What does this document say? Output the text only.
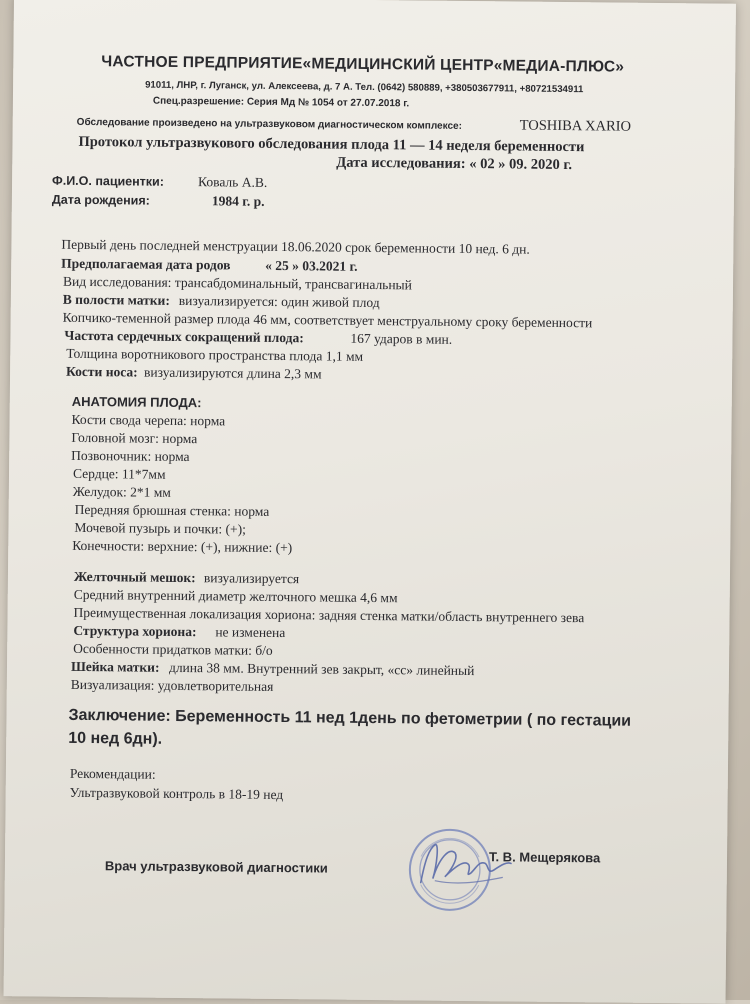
ЧАСТНОЕ ПРЕДПРИЯТИЕ«МЕДИЦИНСКИЙ ЦЕНТР«МЕДИА-ПЛЮС»
91011, ЛНР, г. Луганск, ул. Алексеева, д. 7 А. Тел. (0642) 580889, +380503677911, +80721534911
Спец.разрешение: Серия Мд № 1054 от 27.07.2018 г.
Обследование произведено на ультразвуковом диагностическом комплексе:	TOSHIBA XARIO
Протокол ультразвукового обследования плода 11 — 14 неделя беременности
Дата исследования: « 02 » 09. 2020 г.
Ф.И.О. пациентки:	Коваль А.В.
Дата рождения:	1984 г. р.
Первый день последней менструации 18.06.2020 срок беременности 10 нед. 6 дн.
Предполагаемая дата родов	« 25 » 03.2021 г.
Вид исследования: трансабдоминальный, трансвагинальный
В полости матки: визуализируется: один живой плод
Копчико-теменной размер плода 46 мм, соответствует менструальному сроку беременности
Частота сердечных сокращений плода:	167 ударов в мин.
Толщина воротникового пространства плода 1,1 мм
Кости носа: визуализируются длина 2,3 мм
АНАТОМИЯ ПЛОДА:
Кости свода черепа: норма
Головной мозг: норма
Позвоночник: норма
Сердце: 11*7мм
Желудок: 2*1 мм
Передняя брюшная стенка: норма
Мочевой пузырь и почки: (+);
Конечности: верхние: (+), нижние: (+)
Желточный мешок: визуализируется
Средний внутренний диаметр желточного мешка 4,6 мм
Преимущественная локализация хориона: задняя стенка матки/область внутреннего зева
Структура хориона: не изменена
Особенности придатков матки: б/о
Шейка матки: длина 38 мм. Внутренний зев закрыт, «сс» линейный
Визуализация: удовлетворительная
Заключение: Беременность 11 нед 1день по фетометрии ( по гестации
10 нед 6дн).
Рекомендации:
Ультразвуковой контроль в 18-19 нед
Врач ультразвуковой диагностики
Т. В. Мещерякова
